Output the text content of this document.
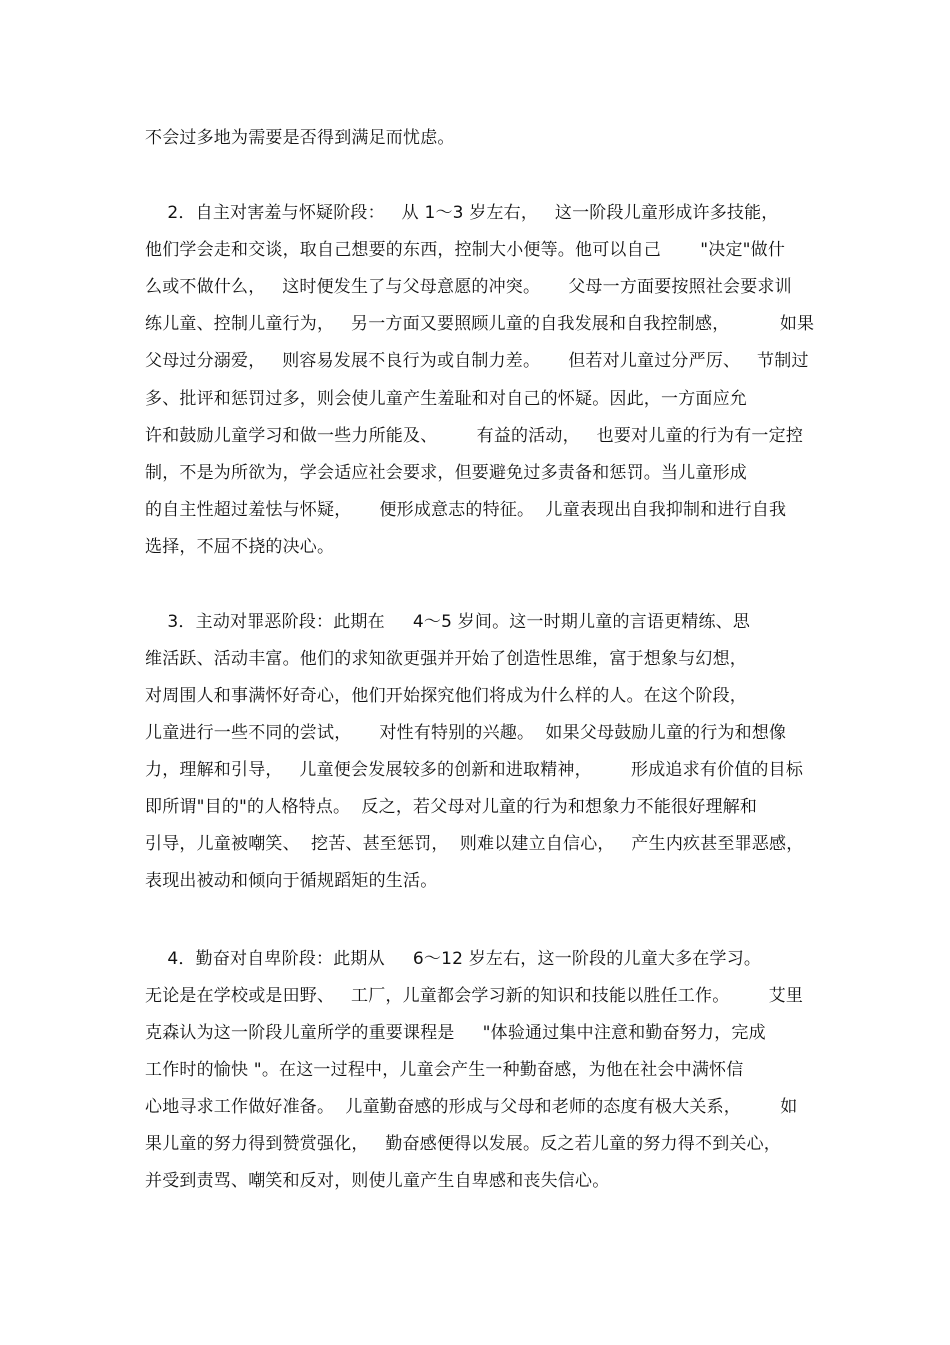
不会过多地为需要是否得到满足而忧虑。
2．自主对害羞与怀疑阶段：   从 1～3 岁左右，   这一阶段儿童形成许多技能，
他们学会走和交谈，取自己想要的东西，控制大小便等。他可以自己       "决定"做什
么或不做什么，   这时便发生了与父母意愿的冲突。     父母一方面要按照社会要求训
练儿童、控制儿童行为，   另一方面又要照顾儿童的自我发展和自我控制感，         如果
父母过分溺爱，   则容易发展不良行为或自制力差。     但若对儿童过分严厉、   节制过
多、批评和惩罚过多，则会使儿童产生羞耻和对自己的怀疑。因此，一方面应允
许和鼓励儿童学习和做一些力所能及、       有益的活动，   也要对儿童的行为有一定控
制，不是为所欲为，学会适应社会要求，但要避免过多责备和惩罚。当儿童形成
的自主性超过羞怯与怀疑，     便形成意志的特征。  儿童表现出自我抑制和进行自我
选择，不屈不挠的决心。
3．主动对罪恶阶段：此期在     4～5 岁间。这一时期儿童的言语更精练、思
维活跃、活动丰富。他们的求知欲更强并开始了创造性思维，富于想象与幻想，
对周围人和事满怀好奇心，他们开始探究他们将成为什么样的人。在这个阶段，
儿童进行一些不同的尝试，     对性有特别的兴趣。  如果父母鼓励儿童的行为和想像
力，理解和引导，   儿童便会发展较多的创新和进取精神，       形成追求有价值的目标
即所谓"目的"的人格特点。  反之，若父母对儿童的行为和想象力不能很好理解和
引导，儿童被嘲笑、  挖苦、甚至惩罚，  则难以建立自信心，   产生内疚甚至罪恶感，
表现出被动和倾向于循规蹈矩的生活。
4．勤奋对自卑阶段：此期从     6～12 岁左右，这一阶段的儿童大多在学习。
无论是在学校或是田野、   工厂，儿童都会学习新的知识和技能以胜任工作。       艾里
克森认为这一阶段儿童所学的重要课程是     "体验通过集中注意和勤奋努力，完成
工作时的愉快 "。在这一过程中，儿童会产生一种勤奋感，为他在社会中满怀信
心地寻求工作做好准备。  儿童勤奋感的形成与父母和老师的态度有极大关系，       如
果儿童的努力得到赞赏强化，   勤奋感便得以发展。反之若儿童的努力得不到关心，
并受到责骂、嘲笑和反对，则使儿童产生自卑感和丧失信心。
